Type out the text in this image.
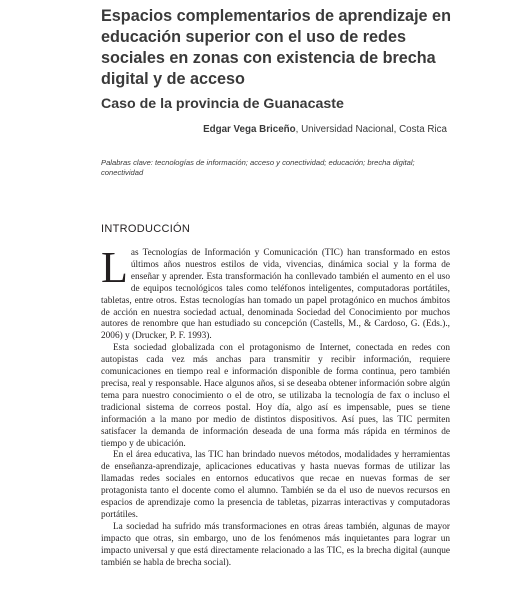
Espacios complementarios de aprendizaje en educación superior con el uso de redes sociales en zonas con existencia de brecha digital y de acceso
Caso de la provincia de Guanacaste
Edgar Vega Briceño, Universidad Nacional, Costa Rica
Palabras clave: tecnologías de información; acceso y conectividad; educación; brecha digital; conectividad
INTRODUCCIÓN

Las Tecnologías de Información y Comunicación (TIC) han transformado en estos últimos años nuestros estilos de vida, vivencias, dinámica social y la forma de enseñar y aprender. Esta transformación ha conllevado también el aumento en el uso de equipos tecnológicos tales como teléfonos inteligentes, computadoras portátiles, tabletas, entre otros. Estas tecnologías han tomado un papel protagónico en muchos ámbitos de acción en nuestra sociedad actual, denominada Sociedad del Conocimiento por muchos autores de renombre que han estudiado su concepción (Castells, M., & Cardoso, G. (Eds.)., 2006) y (Drucker, P. F. 1993).

Esta sociedad globalizada con el protagonismo de Internet, conectada en redes con autopistas cada vez más anchas para transmitir y recibir información, requiere comunicaciones en tiempo real e información disponible de forma continua, pero también precisa, real y responsable. Hace algunos años, si se deseaba obtener información sobre algún tema para nuestro conocimiento o el de otro, se utilizaba la tecnología de fax o incluso el tradicional sistema de correos postal. Hoy día, algo así es impensable, pues se tiene información a la mano por medio de distintos dispositivos. Así pues, las TIC permiten satisfacer la demanda de información deseada de una forma más rápida en términos de tiempo y de ubicación.

En el área educativa, las TIC han brindado nuevos métodos, modalidades y herramientas de enseñanza-aprendizaje, aplicaciones educativas y hasta nuevas formas de utilizar las llamadas redes sociales en entornos educativos que recae en nuevas formas de ser protagonista tanto el docente como el alumno. También se da el uso de nuevos recursos en espacios de aprendizaje como la presencia de tabletas, pizarras interactivas y computadoras portátiles.

La sociedad ha sufrido más transformaciones en otras áreas también, algunas de mayor impacto que otras, sin embargo, uno de los fenómenos más inquietantes para lograr un impacto universal y que está directamente relacionado a las TIC, es la brecha digital (aunque también se habla de brecha social).
